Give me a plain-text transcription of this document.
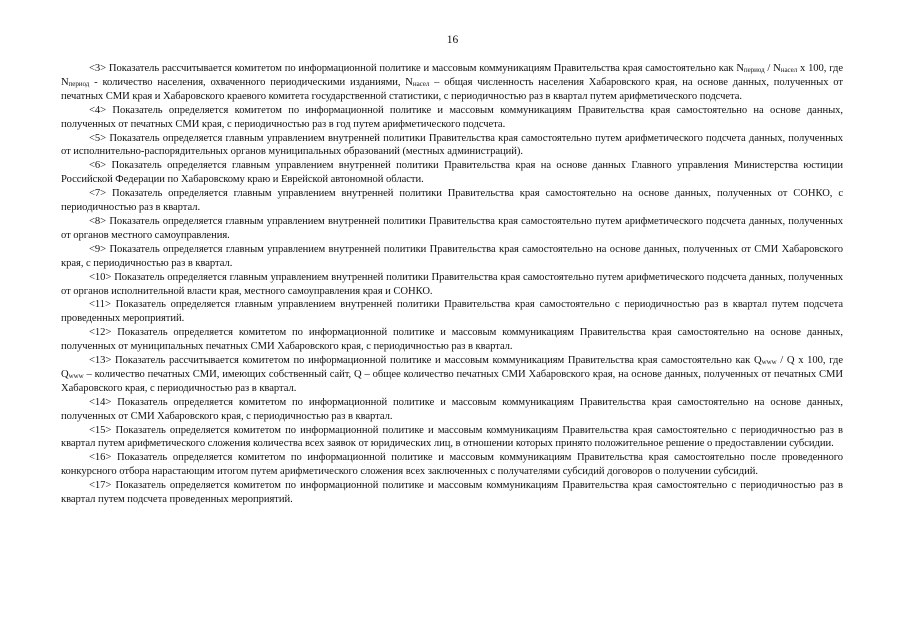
16

<3> Показатель рассчитывается комитетом по информационной политике и массовым коммуникациям Правительства края самостоятельно как $N_{период} / N_{насел}$ х 100, где $N_{период}$ - количество населения, охваченного периодическими изданиями, $N_{насел}$ – общая численность населения Хабаровского края, на основе данных, полученных от печатных СМИ края и Хабаровского краевого комитета государственной статистики, с периодичностью раз в квартал путем арифметического подсчета.

<4> Показатель определяется комитетом по информационной политике и массовым коммуникациям Правительства края самостоятельно на основе данных, полученных от печатных СМИ края, с периодичностью раз в год путем арифметического подсчета.

<5> Показатель определяется главным управлением внутренней политики Правительства края самостоятельно путем арифметического подсчета данных, полученных от исполнительно-распорядительных органов муниципальных образований (местных администраций).

<6> Показатель определяется главным управлением внутренней политики Правительства края на основе данных Главного управления Министерства юстиции Российской Федерации по Хабаровскому краю и Еврейской автономной области.

<7> Показатель определяется главным управлением внутренней политики Правительства края самостоятельно на основе данных, полученных от СОНКО, с периодичностью раз в квартал.

<8> Показатель определяется главным управлением внутренней политики Правительства края самостоятельно путем арифметического подсчета данных, полученных от органов местного самоуправления.

<9> Показатель определяется главным управлением внутренней политики Правительства края самостоятельно на основе данных, полученных от СМИ Хабаровского края, с периодичностью раз в квартал.

<10> Показатель определяется главным управлением внутренней политики Правительства края самостоятельно путем арифметического подсчета данных, полученных от органов исполнительной власти края, местного самоуправления края и СОНКО.

<11> Показатель определяется главным управлением внутренней политики Правительства края самостоятельно с периодичностью раз в квартал путем подсчета проведенных мероприятий.

<12> Показатель определяется комитетом по информационной политике и массовым коммуникациям Правительства края самостоятельно на основе данных, полученных от муниципальных печатных СМИ Хабаровского края, с периодичностью раз в квартал.

<13> Показатель рассчитывается комитетом по информационной политике и массовым коммуникациям Правительства края самостоятельно как $Q_{www}$ / Q х 100, где $Q_{www}$ – количество печатных СМИ, имеющих собственный сайт, Q – общее количество печатных СМИ Хабаровского края, на основе данных, полученных от печатных СМИ Хабаровского края, с периодичностью раз в квартал.

<14> Показатель определяется комитетом по информационной политике и массовым коммуникациям Правительства края самостоятельно на основе данных, полученных от СМИ Хабаровского края, с периодичностью раз в квартал.

<15> Показатель определяется комитетом по информационной политике и массовым коммуникациям Правительства края самостоятельно с периодичностью раз в квартал путем арифметического сложения количества всех заявок от юридических лиц, в отношении которых принято положительное решение о предоставлении субсидии.

<16> Показатель определяется комитетом по информационной политике и массовым коммуникациям Правительства края самостоятельно после проведенного конкурсного отбора нарастающим итогом путем арифметического сложения всех заключенных с получателями субсидий договоров о получении субсидий.

<17> Показатель определяется комитетом по информационной политике и массовым коммуникациям Правительства края самостоятельно с периодичностью раз в квартал путем подсчета проведенных мероприятий.
